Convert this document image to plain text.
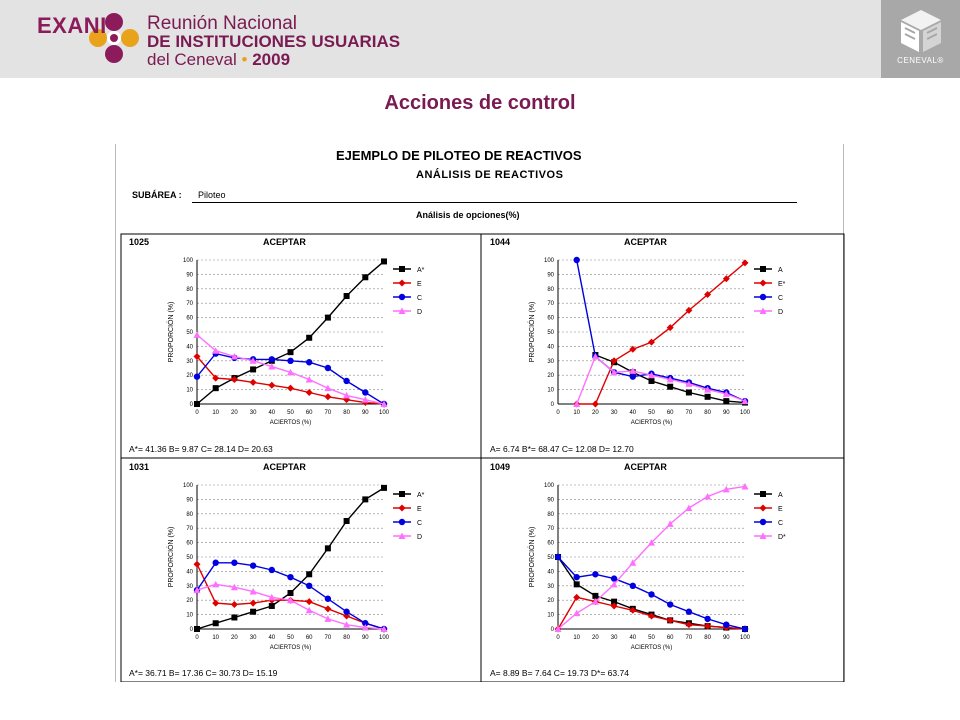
EXANI Reunión Nacional
DE INSTITUCIONES USUARIAS
del Ceneval • 2009	CENEVAL®
Acciones de control
EJEMPLO DE PILOTEO DE REACTIVOS
ANÁLISIS DE REACTIVOS
SUBÁREA : Piloteo
Análisis de opciones(%)
1025	ACEPTAR
0
10
20
30
40
50
60
70
80
90
100
0 10 20 30 40 50 60 70 80 90 100
ACIERTOS (%)
PROPORCIÓN (%)
A*
E
C
D
A*= 41.36 B= 9.87 C= 28.14 D= 20.63
1044	ACEPTAR
0
10
20
30
40
50
60
70
80
90
100
0 10 20 30 40 50 60 70 80 90 100
ACIERTOS (%)
PROPORCIÓN (%)
A
E*
C
D
A= 6.74 B*= 68.47 C= 12.08 D= 12.70
1031	ACEPTAR
0
10
20
30
40
50
60
70
80
90
100
0 10 20 30 40 50 60 70 80 90 100
ACIERTOS (%)
PROPORCIÓN (%)
A*
E
C
D
A*= 36.71 B= 17.36 C= 30.73 D= 15.19
1049	ACEPTAR
0
10
20
30
40
50
60
70
80
90
100
0 10 20 30 40 50 60 70 80 90 100
ACIERTOS (%)
PROPORCIÓN (%)
A
E
C
D*
A= 8.89 B= 7.64 C= 19.73 D*= 63.74
